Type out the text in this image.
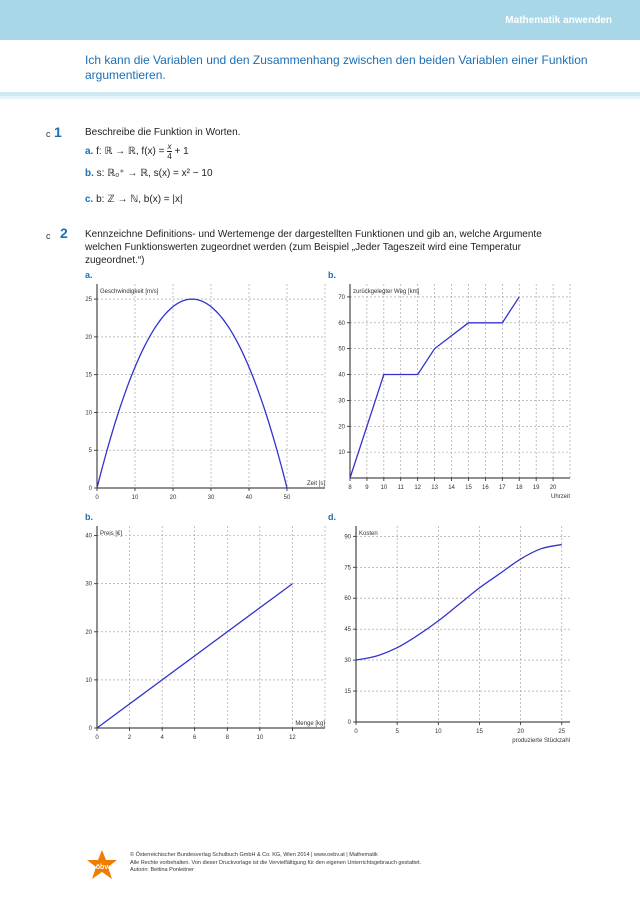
Mathematik anwenden
Ich kann die Variablen und den Zusammenhang zwischen den beiden Variablen einer Funktion argumentieren.
c 1 Beschreibe die Funktion in Worten.
a. f: ℝ → ℝ, $f(x) = \frac{x}{4} + 1$
b. s: ℝ₀⁺ → ℝ, s(x) = x² − 10
c. b: ℤ → ℕ, b(x) = |x|
c 2 Kennzeichne Definitions- und Wertemenge der dargestellten Funktionen und gib an, welche Argumente welchen Funktionswerten zugeordnet werden (zum Beispiel „Jeder Tageszeit wird eine Temperatur zugeordnet.“)
a.	b.
b.	d.
0	10	20	30	40	50
0
5
10
15
20
25
Geschwindigkeit [m/s]
Zeit [s]
8 9 10 11 12 13 14 15 16 17 18 19 20
10
20
30
40
50
60
70
zurückgelegter Weg [km]
Uhrzeit
0	2	4	6	8	10	12
0
10
20
30
40 Preis [€]
Menge [kg]
0	5	10	15	20	25
0
15
30
45
60
75
90
Kosten
produzierte Stückzahl
öbv
© Österreichischer Bundesverlag Schulbuch GmbH & Co. KG, Wien 2014 | www.oebv.at | Mathematik
Alle Rechte vorbehalten. Von dieser Druckvorlage ist die Vervielfältigung für den eigenen Unterrichtsgebrauch gestattet.
Autorin: Bettina Ponleitner
